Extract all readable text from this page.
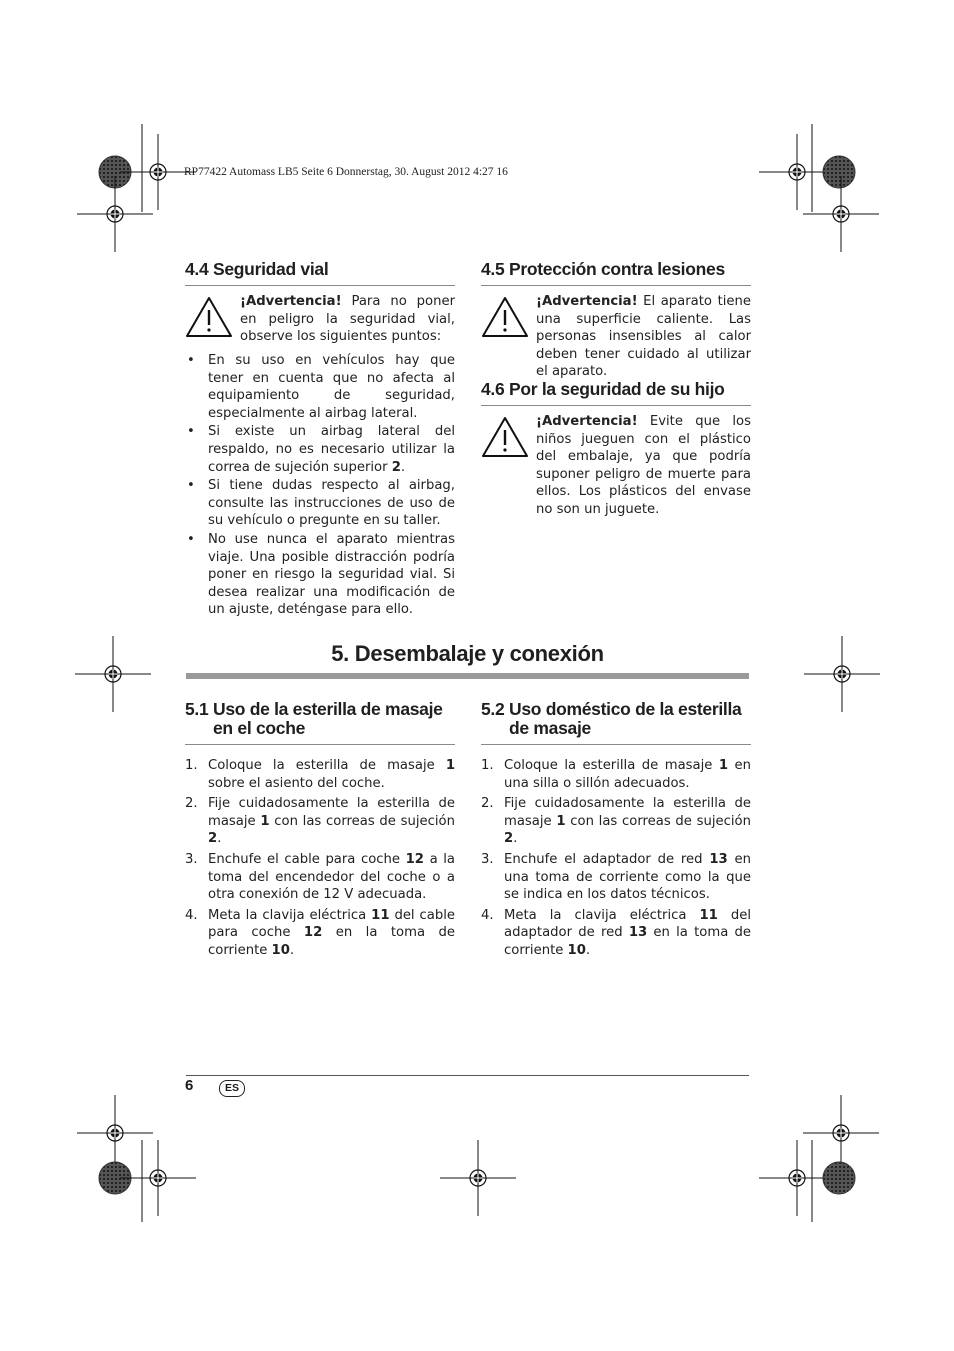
RP77422 Automass LB5 Seite 6 Donnerstag, 30. August 2012 4:27 16
4.4 Seguridad vial
¡Advertencia! Para no poner en peligro la seguridad vial, observe los siguientes puntos:
• En su uso en vehículos hay que tener en cuenta que no afecta al equipamiento de seguridad, especialmente al airbag lateral.
• Si existe un airbag lateral del respaldo, no es necesario utilizar la correa de sujeción superior 2.
• Si tiene dudas respecto al airbag, consulte las instrucciones de uso de su vehículo o pregunte en su taller.
• No use nunca el aparato mientras viaje. Una posible distracción podría poner en riesgo la seguridad vial. Si desea realizar una modificación de un ajuste, deténgase para ello.
4.5 Protección contra lesiones
¡Advertencia! El aparato tiene una superficie caliente. Las personas insensibles al calor deben tener cuidado al utilizar el aparato.
4.6 Por la seguridad de su hijo
¡Advertencia! Evite que los niños jueguen con el plástico del embalaje, ya que podría suponer peligro de muerte para ellos. Los plásticos del envase no son un juguete.
5. Desembalaje y conexión
5.1 Uso de la esterilla de masaje en el coche
1. Coloque la esterilla de masaje 1 sobre el asiento del coche.
2. Fije cuidadosamente la esterilla de masaje 1 con las correas de sujeción 2.
3. Enchufe el cable para coche 12 a la toma del encendedor del coche o a otra conexión de 12 V adecuada.
4. Meta la clavija eléctrica 11 del cable para coche 12 en la toma de corriente 10.
5.2 Uso doméstico de la esterilla de masaje
1. Coloque la esterilla de masaje 1 en una silla o sillón adecuados.
2. Fije cuidadosamente la esterilla de masaje 1 con las correas de sujeción 2.
3. Enchufe el adaptador de red 13 en una toma de corriente como la que se indica en los datos técnicos.
4. Meta la clavija eléctrica 11 del adaptador de red 13 en la toma de corriente 10.
6	ES
